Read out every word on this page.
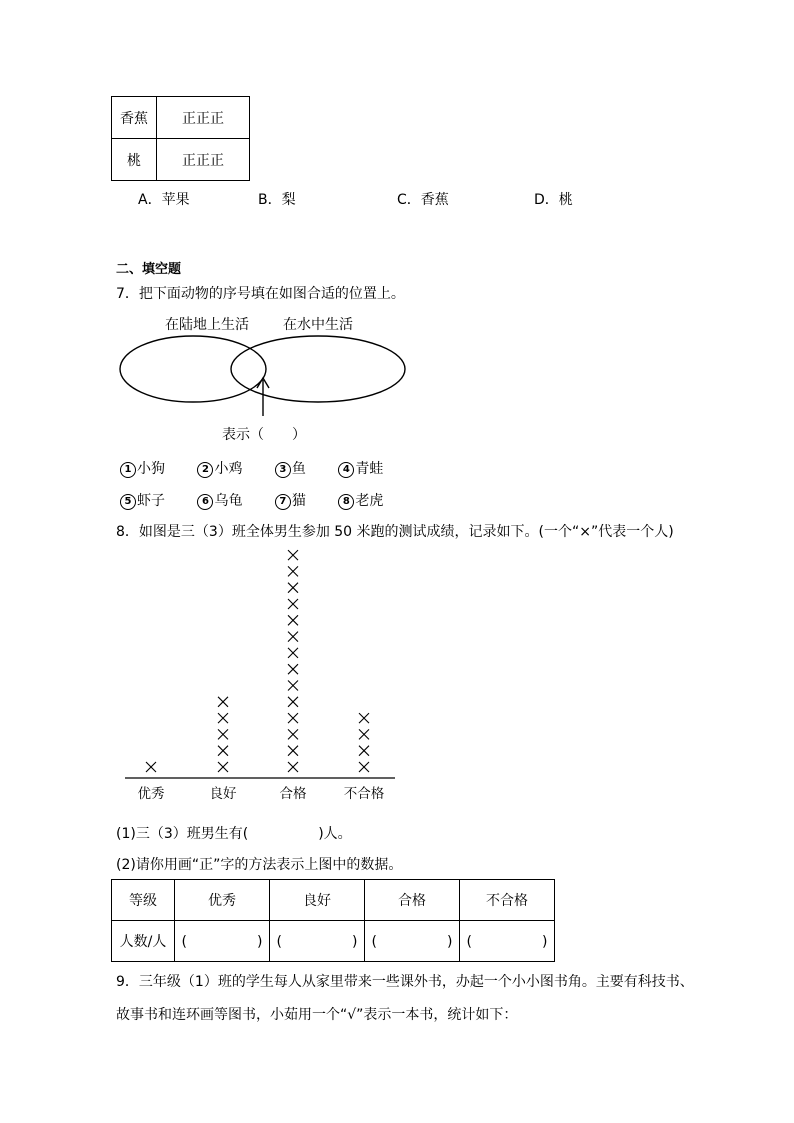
香蕉	正正正
桃	正正正
A．苹果	B．梨	C．香蕉	D．桃
二、填空题
7．把下面动物的序号填在如图合适的位置上。
在陆地上生活 在水中生活
表示（　　）
1 小狗	2 小鸡	3 鱼	4 青蛙
5 虾子	6 乌龟	7 猫	8 老虎
8．如图是三（3）班全体男生参加 50 米跑的测试成绩，记录如下。(一个“×”代表一个人)
优秀	良好	合格	不合格
(1)三（3）班男生有(　　　　　)人。
(2)请你用画“正”字的方法表示上图中的数据。
等级	优秀	良好	合格	不合格
人数/人	(　　　　　)	(　　　　　)	(　　　　　)	(　　　　　)
9．三年级（1）班的学生每人从家里带来一些课外书，办起一个小小图书角。主要有科技书、
故事书和连环画等图书，小茹用一个“√”表示一本书，统计如下：
